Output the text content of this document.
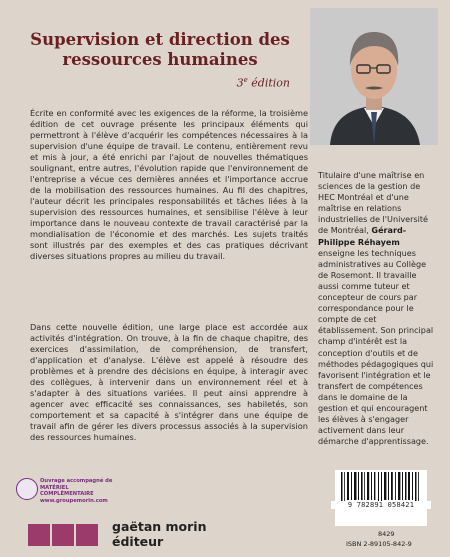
Supervision et direction des ressources humaines
3e édition
Écrite en conformité avec les exigences de la réforme, la troisième édition de cet ouvrage présente les principaux éléments qui permettront à l'élève d'acquérir les compétences nécessaires à la supervision d'une équipe de travail. Le contenu, entièrement revu et mis à jour, a été enrichi par l'ajout de nouvelles thématiques soulignant, entre autres, l'évolution rapide que l'environnement de l'entreprise a vécue ces dernières années et l'importance accrue de la mobilisation des ressources humaines. Au fil des chapitres, l'auteur décrit les principales responsabilités et tâches liées à la supervision des ressources humaines, et sensibilise l'élève à leur importance dans le nouveau contexte de travail caractérisé par la mondialisation de l'économie et des marchés. Les sujets traités sont illustrés par des exemples et des cas pratiques décrivant diverses situations propres au milieu du travail.
Dans cette nouvelle édition, une large place est accordée aux activités d'intégration. On trouve, à la fin de chaque chapitre, des exercices d'assimilation, de compréhension, de transfert, d'application et d'analyse. L'élève est appelé à résoudre des problèmes et à prendre des décisions en équipe, à interagir avec des collègues, à intervenir dans un environnement réel et à s'adapter à des situations variées. Il peut ainsi apprendre à agencer avec efficacité ses connaissances, ses habiletés, son comportement et sa capacité à s'intégrer dans une équipe de travail afin de gérer les divers processus associés à la supervision des ressources humaines.
Titulaire d'une maîtrise en sciences de la gestion de HEC Montréal et d'une maîtrise en relations industrielles de l'Université de Montréal, Gérard-Philippe Réhayem enseigne les techniques administratives au Collège de Rosemont. Il travaille aussi comme tuteur et concepteur de cours par correspondance pour le compte de cet établissement. Son principal champ d'intérêt est la conception d'outils et de méthodes pédagogiques qui favorisent l'intégration et le transfert de compétences dans le domaine de la gestion et qui encouragent les élèves à s'engager activement dans leur démarche d'apprentissage.
Ouvrage accompagné de
MATÉRIEL COMPLÉMENTAIRE
www.groupemorin.com
gaëtan morin
éditeur
9 782891 058421
8429
ISBN 2-89105-842-9
